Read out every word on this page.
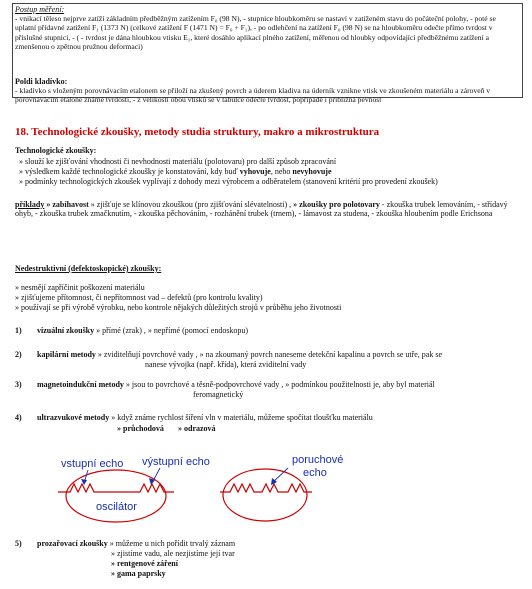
Postup měření:
- vnikací těleso nejprve zatíží základním předběžným zatížením F₀ (98 N), - stupnice hloubkoměru se nastaví v zatíženém stavu do počáteční polohy, - poté se uplatní přídavné zatížení F₁ (1373 N) (celkové zatížení F (1471 N) = F₀ + F₁), - po odlehčení na zatížení F₀ (98 N) se na hloubkoměru odečte přímo tvrdost v příslušné stupnici, - ( - tvrdost je dána hloubkou vtisku E₁, které dosáhlo aplikací plného zatížení, měřenou od hloubky odpovídající předběžnému zatížení a zmenšenou o zpětnou pružnou deformaci)
Poldi kladívko:
- kladívko s vloženým porovnávacím etalonem se přiloží na zkušený povrch a úderem kladiva na úderník vznikne vtisk ve zkoušeném materiálu a zároveň v porovnávacím etalone známé tvrdosti, - z velikosti obou vtisků se v tabulce odečte tvrdost, popřípadě i přibližná pevnost
18. Technologické zkoušky, metody studia struktury, makro a mikrostruktura
Technologické zkoušky:
» slouží ke zjišťování vhodnosti či nevhodnosti materiálu (polotovaru) pro další způsob zpracování
» výsledkem každé technologické zkoušky je konstatování, kdy buď vyhovuje, nebo nevyhovuje
» podmínky technologických zkoušek vyplívají z dohody mezi výrobcem a odběratelem (stanovení kritérií pro provedení zkoušek)
příklady » zabíhavost » zjišťuje se klínovou zkouškou (pro zjišťování slévatelnosti) , » zkoušky pro polotovary - zkouška trubek lemováním, - střídavý ohyb, - zkouška trubek zmačknutím, - zkouška pěchováním, - rozhánění trubek (trnem), - lámavost za studena, - zkouška hloubením podle Erichsona
Nedestruktivní (defektoskopické) zkoušky:
» nesmějí zapříčinit poškození materiálu
» zjišťujeme přítomnost, či nepřítomnost vad – defektů (pro kontrolu kvality)
» používají se při výrobě výrobku, nebo kontrole nějakých důležitých strojů v průběhu jeho životnosti
1) vizuální zkoušky » přímé (zrak) , » nepřímé (pomocí endoskopu)
2) kapilární metody » zviditelňují povrchové vady , » na zkoumaný povrch naneseme detekční kapalinu a povrch se utře, pak se
nanese vývojka (např. křída), která zviditelní vady
3) magnetoindukční metody » jsou to povrchové a těsně-podpovrchové vady , » podmínkou použitelnosti je, aby byl materiál
feromagnetický
4) ultrazvukové metody » když známe rychlost šíření vln v materiálu, můžeme spočítat tloušťku materiálu
» průchodová » odrazová
vstupní echo výstupní echo
oscilátor
poruchové
echo
5) prozařovací zkoušky » můžeme u nich pořídit trvalý záznam
» zjistíme vadu, ale nezjistíme její tvar
» rentgenové záření
» gama paprsky
